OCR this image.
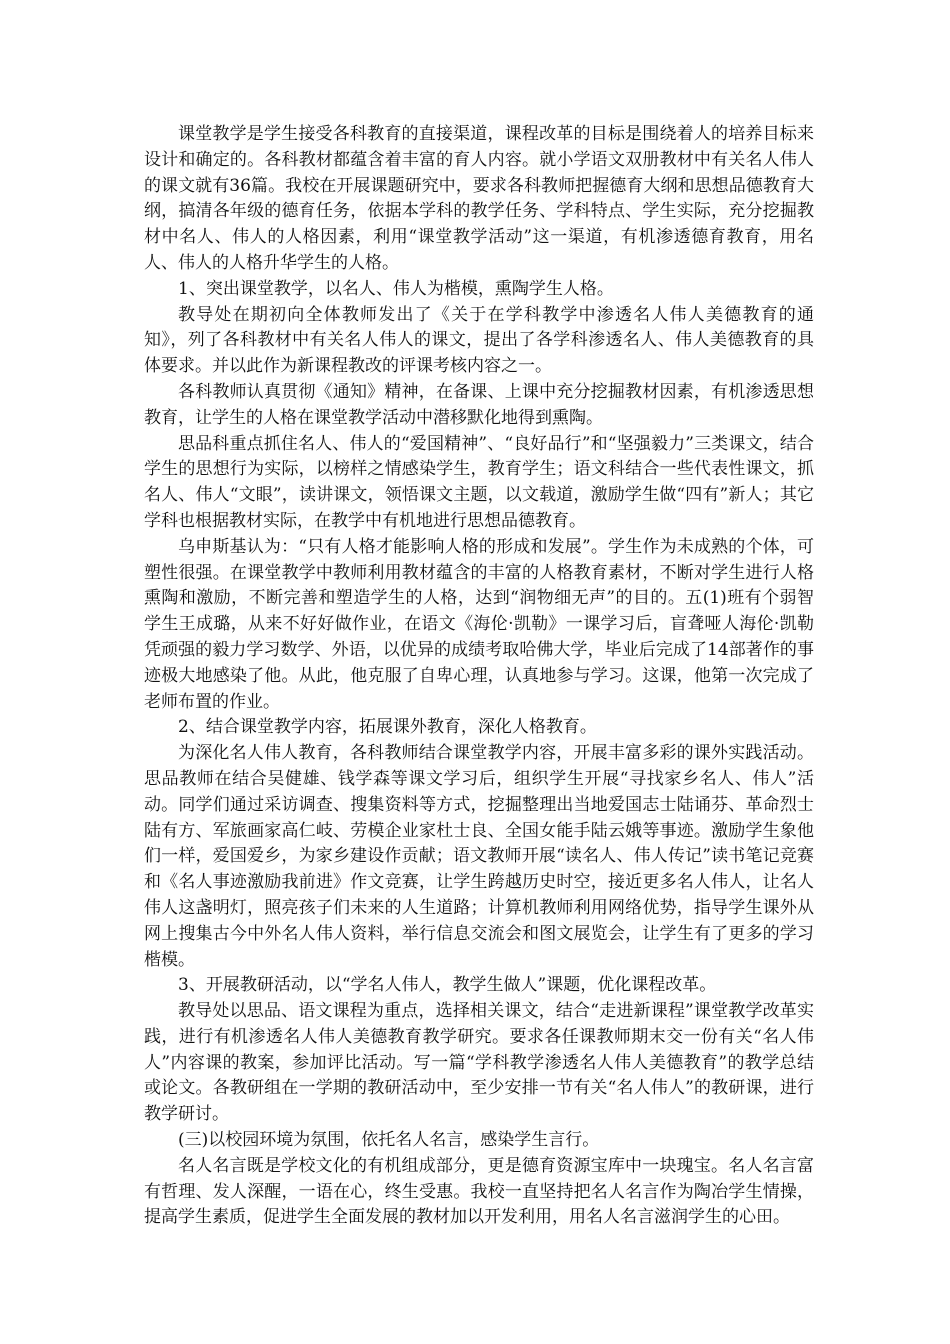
课堂教学是学生接受各科教育的直接渠道，课程改革的目标是围绕着人的培养目标来设计和确定的。各科教材都蕴含着丰富的育人内容。就小学语文双册教材中有关名人伟人的课文就有36篇。我校在开展课题研究中，要求各科教师把握德育大纲和思想品德教育大纲，搞清各年级的德育任务，依据本学科的教学任务、学科特点、学生实际，充分挖掘教材中名人、伟人的人格因素，利用“课堂教学活动”这一渠道，有机渗透德育教育，用名人、伟人的人格升华学生的人格。

1、突出课堂教学，以名人、伟人为楷模，熏陶学生人格。

教导处在期初向全体教师发出了《关于在学科教学中渗透名人伟人美德教育的通知》，列了各科教材中有关名人伟人的课文，提出了各学科渗透名人、伟人美德教育的具体要求。并以此作为新课程教改的评课考核内容之一。

各科教师认真贯彻《通知》精神，在备课、上课中充分挖掘教材因素，有机渗透思想教育，让学生的人格在课堂教学活动中潜移默化地得到熏陶。

思品科重点抓住名人、伟人的“爱国精神”、“良好品行”和“坚强毅力”三类课文，结合学生的思想行为实际，以榜样之情感染学生，教育学生；语文科结合一些代表性课文，抓名人、伟人“文眼”，读讲课文，领悟课文主题，以文载道，激励学生做“四有”新人；其它学科也根据教材实际，在教学中有机地进行思想品德教育。

乌申斯基认为：“只有人格才能影响人格的形成和发展”。学生作为未成熟的个体，可塑性很强。在课堂教学中教师利用教材蕴含的丰富的人格教育素材，不断对学生进行人格熏陶和激励，不断完善和塑造学生的人格，达到“润物细无声”的目的。五(1)班有个弱智学生王成璐，从来不好好做作业，在语文《海伦·凯勒》一课学习后，盲聋哑人海伦·凯勒凭顽强的毅力学习数学、外语，以优异的成绩考取哈佛大学，毕业后完成了14部著作的事迹极大地感染了他。从此，他克服了自卑心理，认真地参与学习。这课，他第一次完成了老师布置的作业。

2、结合课堂教学内容，拓展课外教育，深化人格教育。

为深化名人伟人教育，各科教师结合课堂教学内容，开展丰富多彩的课外实践活动。思品教师在结合吴健雄、钱学森等课文学习后，组织学生开展“寻找家乡名人、伟人”活动。同学们通过采访调查、搜集资料等方式，挖掘整理出当地爱国志士陆诵芬、革命烈士陆有方、军旅画家高仁岐、劳模企业家杜士良、全国女能手陆云娥等事迹。激励学生象他们一样，爱国爱乡，为家乡建设作贡献；语文教师开展“读名人、伟人传记”读书笔记竞赛和《名人事迹激励我前进》作文竞赛，让学生跨越历史时空，接近更多名人伟人，让名人伟人这盏明灯，照亮孩子们未来的人生道路；计算机教师利用网络优势，指导学生课外从网上搜集古今中外名人伟人资料，举行信息交流会和图文展览会，让学生有了更多的学习楷模。

3、开展教研活动，以“学名人伟人，教学生做人”课题，优化课程改革。

教导处以思品、语文课程为重点，选择相关课文，结合“走进新课程”课堂教学改革实践，进行有机渗透名人伟人美德教育教学研究。要求各任课教师期末交一份有关“名人伟人”内容课的教案，参加评比活动。写一篇“学科教学渗透名人伟人美德教育”的教学总结或论文。各教研组在一学期的教研活动中，至少安排一节有关“名人伟人”的教研课，进行教学研讨。

(三)以校园环境为氛围，依托名人名言，感染学生言行。

名人名言既是学校文化的有机组成部分，更是德育资源宝库中一块瑰宝。名人名言富有哲理、发人深醒，一语在心，终生受惠。我校一直坚持把名人名言作为陶冶学生情操，提高学生素质，促进学生全面发展的教材加以开发利用，用名人名言滋润学生的心田。
